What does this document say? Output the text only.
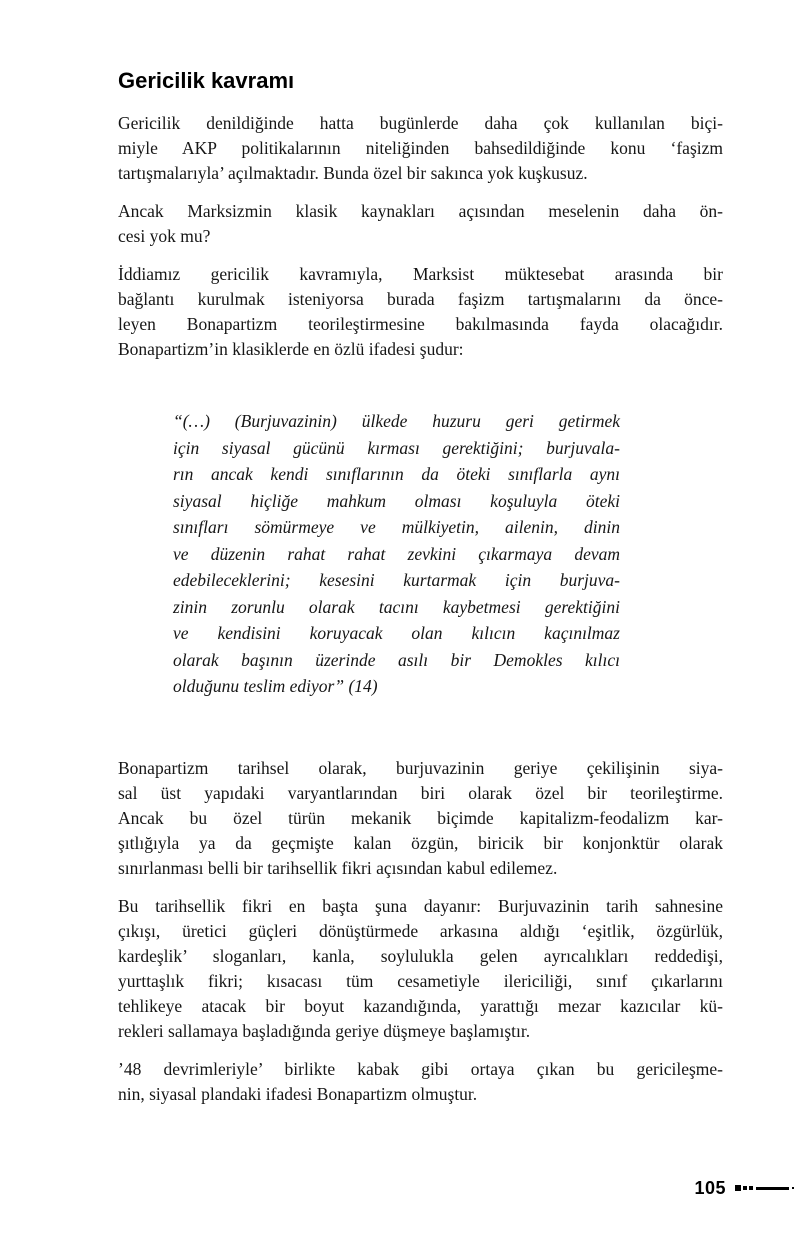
Gericilik kavramı
Gericilik denildiğinde hatta bugünlerde daha çok kullanılan biçi-
miyle AKP politikalarının niteliğinden bahsedildiğinde konu ‘faşizm
tartışmalarıyla’ açılmaktadır. Bunda özel bir sakınca yok kuşkusuz.
Ancak Marksizmin klasik kaynakları açısından meselenin daha ön-
cesi yok mu?
İddiamız gericilik kavramıyla, Marksist müktesebat arasında bir
bağlantı kurulmak isteniyorsa burada faşizm tartışmalarını da önce-
leyen Bonapartizm teorileştirmesine bakılmasında fayda olacağıdır.
Bonapartizm’in klasiklerde en özlü ifadesi şudur:
“(…) (Burjuvazinin) ülkede huzuru geri getirmek
için siyasal gücünü kırması gerektiğini; burjuvala-
rın ancak kendi sınıflarının da öteki sınıflarla aynı
siyasal hiçliğe mahkum olması koşuluyla öteki
sınıfları sömürmeye ve mülkiyetin, ailenin, dinin
ve düzenin rahat rahat zevkini çıkarmaya devam
edebileceklerini; kesesini kurtarmak için burjuva-
zinin zorunlu olarak tacını kaybetmesi gerektiğini
ve kendisini koruyacak olan kılıcın kaçınılmaz
olarak başının üzerinde asılı bir Demokles kılıcı
olduğunu teslim ediyor” (14)
Bonapartizm tarihsel olarak, burjuvazinin geriye çekilişinin siya-
sal üst yapıdaki varyantlarından biri olarak özel bir teorileştirme.
Ancak bu özel türün mekanik biçimde kapitalizm-feodalizm kar-
şıtlığıyla ya da geçmişte kalan özgün, biricik bir konjonktür olarak
sınırlanması belli bir tarihsellik fikri açısından kabul edilemez.
Bu tarihsellik fikri en başta şuna dayanır: Burjuvazinin tarih sahnesine
çıkışı, üretici güçleri dönüştürmede arkasına aldığı ‘eşitlik, özgürlük,
kardeşlik’ sloganları, kanla, soylulukla gelen ayrıcalıkları reddedişi,
yurttaşlık fikri; kısacası tüm cesametiyle ilericiliği, sınıf çıkarlarını
tehlikeye atacak bir boyut kazandığında, yarattığı mezar kazıcılar kü-
rekleri sallamaya başladığında geriye düşmeye başlamıştır.
’48 devrimleriyle’ birlikte kabak gibi ortaya çıkan bu gericileşme-
nin, siyasal plandaki ifadesi Bonapartizm olmuştur.
105
